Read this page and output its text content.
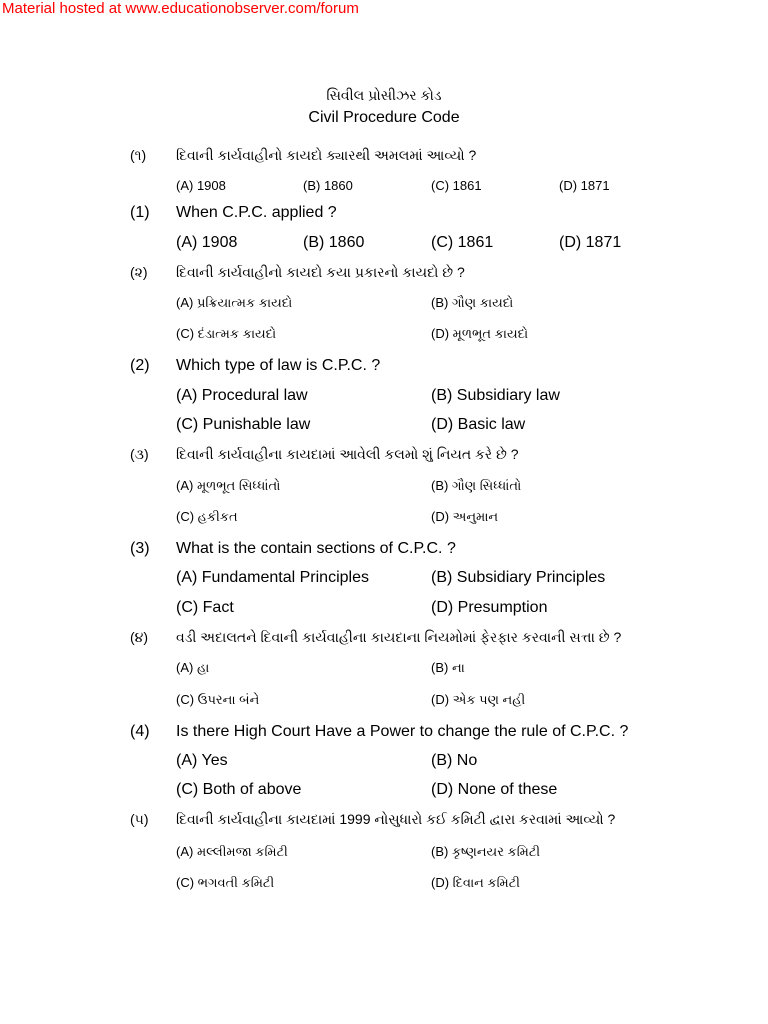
Material hosted at www.educationobserver.com/forum
સિવીલ પ્રોસીઝર કોડ
Civil Procedure Code
(૧) દિવાની કાર્યવાહીનો કાયદો ક્યારથી અમલમાં આવ્યો ?
(A) 1908	(B) 1860	(C) 1861	(D) 1871
(1) When C.P.C. applied ?
(A) 1908	(B) 1860	(C) 1861	(D) 1871
(૨) દિવાની કાર્યવાહીનો કાયદો કયા પ્રકારનો કાયદો છે ?
(A) પ્રક્રિયાત્મક કાયદો	(B) ગૌણ કાયદો
(C) દંડાત્મક કાયદો	(D) મૂળભૂત કાયદો
(2) Which type of law is C.P.C. ?
(A) Procedural law	(B) Subsidiary law
(C) Punishable law	(D) Basic law
(૩) દિવાની કાર્યવાહીના કાયદામાં આવેલી કલમો શું નિયત કરે છે ?
(A) મૂળભૂત સિધ્ધાંતો	(B) ગૌણ સિધ્ધાંતો
(C) હકીકત	(D) અનુમાન
(3) What is the contain sections of C.P.C. ?
(A) Fundamental Principles	(B) Subsidiary Principles
(C) Fact	(D) Presumption
(૪) વડી અદાલતને દિવાની કાર્યવાહીના કાયદાના નિયમોમાં ફેરફાર કરવાની સત્તા છે ?
(A) હા	(B) ના
(C) ઉપરના બંને	(D) એક પણ નહી
(4) Is there High Court Have a Power to change the rule of C.P.C. ?
(A) Yes	(B) No
(C) Both of above	(D) None of these
(૫) દિવાની કાર્યવાહીના કાયદામાં 1999 નોસુધારો કઈ કમિટી દ્વારા કરવામાં આવ્યો ?
(A) મલ્લીમજા કમિટી	(B) કૃષ્ણનયર કમિટી
(C) ભગવતી કમિટી	(D) દિવાન કમિટી
